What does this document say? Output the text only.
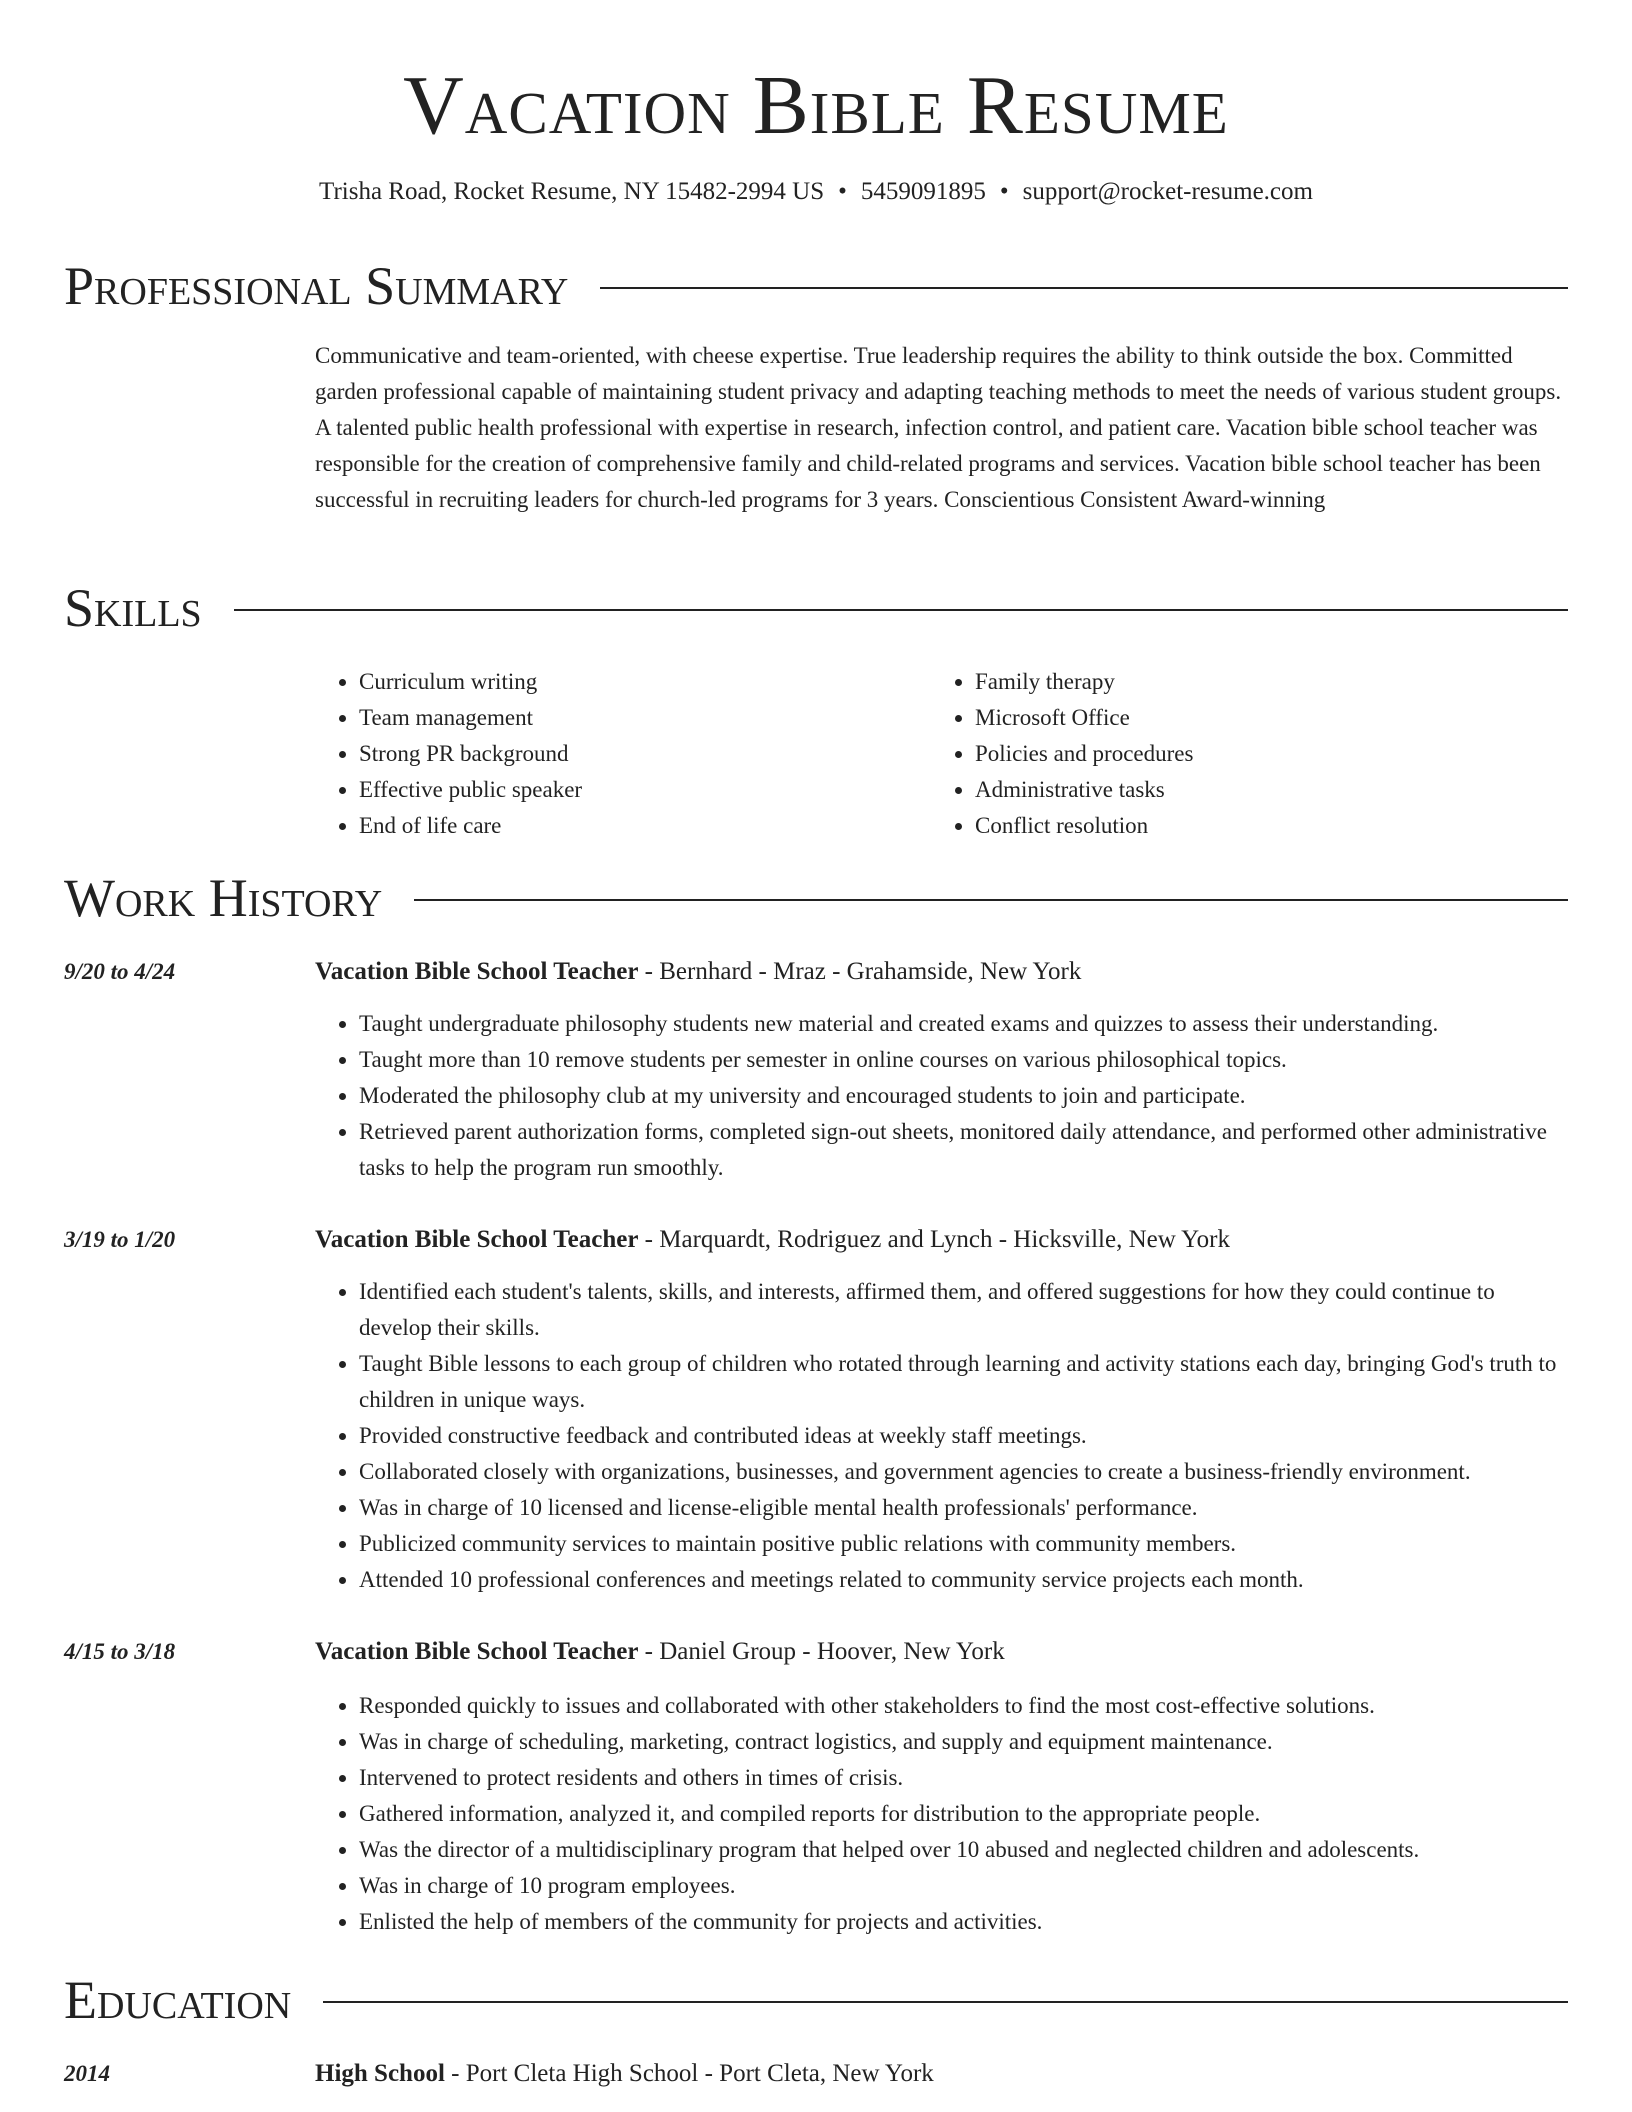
Vacation Bible Resume
Trisha Road, Rocket Resume, NY 15482-2994 US • 5459091895 • support@rocket-resume.com
Professional Summary

Communicative and team-oriented, with cheese expertise. True leadership requires the ability to think outside the box. Committed garden professional capable of maintaining student privacy and adapting teaching methods to meet the needs of various student groups. A talented public health professional with expertise in research, infection control, and patient care. Vacation bible school teacher was responsible for the creation of comprehensive family and child-related programs and services. Vacation bible school teacher has been successful in recruiting leaders for church-led programs for 3 years. Conscientious Consistent Award-winning

Skills
• Curriculum writing
• Team management
• Strong PR background
• Effective public speaker
• End of life care
• Family therapy
• Microsoft Office
• Policies and procedures
• Administrative tasks
• Conflict resolution
Work History
9/20 to 4/24	Vacation Bible School Teacher - Bernhard - Mraz - Grahamside, New York
• Taught undergraduate philosophy students new material and created exams and quizzes to assess their understanding.
• Taught more than 10 remove students per semester in online courses on various philosophical topics.
• Moderated the philosophy club at my university and encouraged students to join and participate.
• Retrieved parent authorization forms, completed sign-out sheets, monitored daily attendance, and performed other administrative tasks to help the program run smoothly.
3/19 to 1/20	Vacation Bible School Teacher - Marquardt, Rodriguez and Lynch - Hicksville, New York
• Identified each student's talents, skills, and interests, affirmed them, and offered suggestions for how they could continue to develop their skills.
• Taught Bible lessons to each group of children who rotated through learning and activity stations each day, bringing God's truth to children in unique ways.
• Provided constructive feedback and contributed ideas at weekly staff meetings.
• Collaborated closely with organizations, businesses, and government agencies to create a business-friendly environment.
• Was in charge of 10 licensed and license-eligible mental health professionals' performance.
• Publicized community services to maintain positive public relations with community members.
• Attended 10 professional conferences and meetings related to community service projects each month.
4/15 to 3/18	Vacation Bible School Teacher - Daniel Group - Hoover, New York
• Responded quickly to issues and collaborated with other stakeholders to find the most cost-effective solutions.
• Was in charge of scheduling, marketing, contract logistics, and supply and equipment maintenance.
• Intervened to protect residents and others in times of crisis.
• Gathered information, analyzed it, and compiled reports for distribution to the appropriate people.
• Was the director of a multidisciplinary program that helped over 10 abused and neglected children and adolescents.
• Was in charge of 10 program employees.
• Enlisted the help of members of the community for projects and activities.
Education
2014	High School - Port Cleta High School - Port Cleta, New York
